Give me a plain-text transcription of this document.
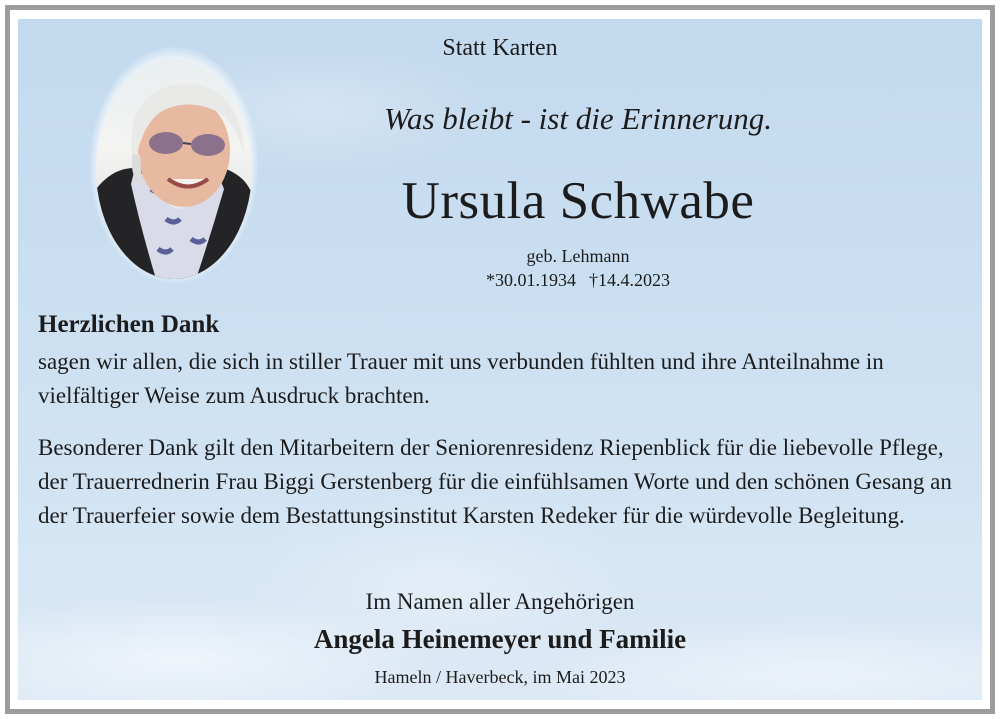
Statt Karten
Was bleibt - ist die Erinnerung.
Ursula Schwabe
geb. Lehmann
*30.01.1934  †14.4.2023
Herzlichen Dank
sagen wir allen, die sich in stiller Trauer mit uns verbunden fühlten und ihre Anteilnahme in vielfältiger Weise zum Ausdruck brachten.
Besonderer Dank gilt den Mitarbeitern der Seniorenresidenz Riepenblick für die liebevolle Pflege, der Trauerrednerin Frau Biggi Gerstenberg für die einfühlsamen Worte und den schönen Gesang an der Trauerfeier sowie dem Bestattungsinstitut Karsten Redeker für die würdevolle Begleitung.
Im Namen aller Angehörigen
Angela Heinemeyer und Familie
Hameln / Haverbeck, im Mai 2023
